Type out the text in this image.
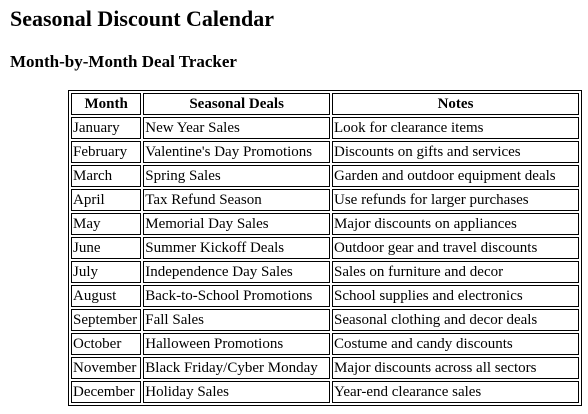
Seasonal Discount Calendar
Month-by-Month Deal Tracker
Month	Seasonal Deals	Notes
January	New Year Sales	Look for clearance items
February	Valentine's Day Promotions	Discounts on gifts and services
March	Spring Sales	Garden and outdoor equipment deals
April	Tax Refund Season	Use refunds for larger purchases
May	Memorial Day Sales	Major discounts on appliances
June	Summer Kickoff Deals	Outdoor gear and travel discounts
July	Independence Day Sales	Sales on furniture and decor
August	Back-to-School Promotions	School supplies and electronics
September	Fall Sales	Seasonal clothing and decor deals
October	Halloween Promotions	Costume and candy discounts
November	Black Friday/Cyber Monday	Major discounts across all sectors
December	Holiday Sales	Year-end clearance sales
